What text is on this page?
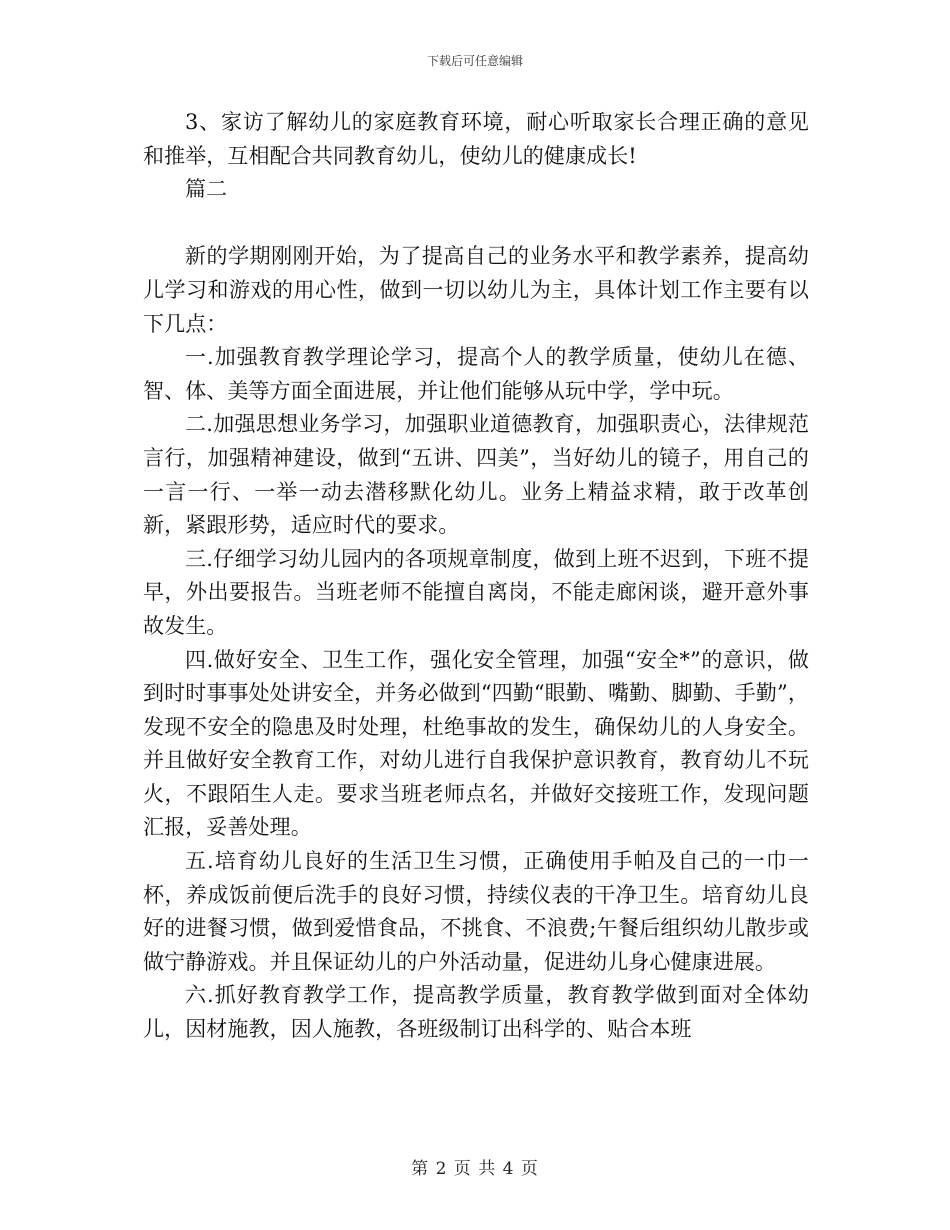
下载后可任意编辑

3、家访了解幼儿的家庭教育环境，耐心听取家长合理正确的意见和推举，互相配合共同教育幼儿，使幼儿的健康成长!

篇二

新的学期刚刚开始，为了提高自己的业务水平和教学素养，提高幼儿学习和游戏的用心性，做到一切以幼儿为主，具体计划工作主要有以下几点：

一.加强教育教学理论学习，提高个人的教学质量，使幼儿在德、智、体、美等方面全面进展，并让他们能够从玩中学，学中玩。

二.加强思想业务学习，加强职业道德教育，加强职责心，法律规范言行，加强精神建设，做到“五讲、四美”，当好幼儿的镜子，用自己的一言一行、一举一动去潜移默化幼儿。业务上精益求精，敢于改革创新，紧跟形势，适应时代的要求。

三.仔细学习幼儿园内的各项规章制度，做到上班不迟到，下班不提早，外出要报告。当班老师不能擅自离岗，不能走廊闲谈，避开意外事故发生。

四.做好安全、卫生工作，强化安全管理，加强“安全*”的意识，做到时时事事处处讲安全，并务必做到“四勤“眼勤、嘴勤、脚勤、手勤”，发现不安全的隐患及时处理，杜绝事故的发生，确保幼儿的人身安全。并且做好安全教育工作，对幼儿进行自我保护意识教育，教育幼儿不玩火，不跟陌生人走。要求当班老师点名，并做好交接班工作，发现问题汇报，妥善处理。

五.培育幼儿良好的生活卫生习惯，正确使用手帕及自己的一巾一杯，养成饭前便后洗手的良好习惯，持续仪表的干净卫生。培育幼儿良好的进餐习惯，做到爱惜食品，不挑食、不浪费;午餐后组织幼儿散步或做宁静游戏。并且保证幼儿的户外活动量，促进幼儿身心健康进展。

六.抓好教育教学工作，提高教学质量，教育教学做到面对全体幼儿，因材施教，因人施教，各班级制订出科学的、贴合本班

第 2 页 共 4 页
